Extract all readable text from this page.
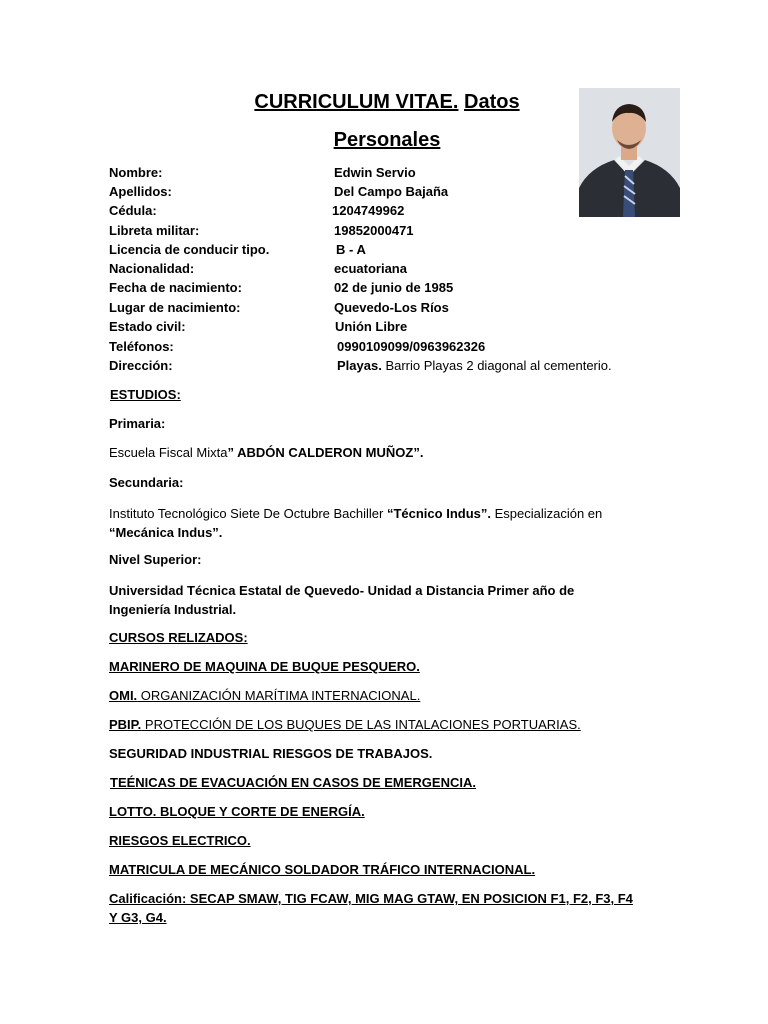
CURRICULUM VITAE. Datos
Personales
Nombre:	Edwin Servio
Apellidos:	Del Campo Bajaña
Cédula:	1204749962
Libreta militar:	19852000471
Licencia de conducir tipo.	B - A
Nacionalidad:	ecuatoriana
Fecha de nacimiento:	02 de junio de 1985
Lugar de nacimiento:	Quevedo-Los Ríos
Estado civil:	Unión Libre
Teléfonos:	0990109099/0963962326
Dirección:	Playas. Barrio Playas 2 diagonal al cementerio.
ESTUDIOS:
Primaria:
Escuela Fiscal Mixta” ABDÓN CALDERON MUÑOZ”.
Secundaria:
Instituto Tecnológico Siete De Octubre Bachiller “Técnico Indus”. Especialización en “Mecánica Indus”.
Nivel Superior:
Universidad Técnica Estatal de Quevedo- Unidad a Distancia Primer año de Ingeniería Industrial.
CURSOS RELIZADOS:
MARINERO DE MAQUINA DE BUQUE PESQUERO.
OMI. ORGANIZACIÓN MARÍTIMA INTERNACIONAL.
PBIP. PROTECCIÓN DE LOS BUQUES DE LAS INTALACIONES PORTUARIAS.
SEGURIDAD INDUSTRIAL RIESGOS DE TRABAJOS.
TEÉNICAS DE EVACUACIÓN EN CASOS DE EMERGENCIA.
LOTTO. BLOQUE Y CORTE DE ENERGÍA.
RIESGOS ELECTRICO.
MATRICULA DE MECÁNICO SOLDADOR TRÁFICO INTERNACIONAL.
Calificación: SECAP SMAW, TIG FCAW, MIG MAG GTAW, EN POSICION F1, F2, F3, F4
Y G3, G4.
